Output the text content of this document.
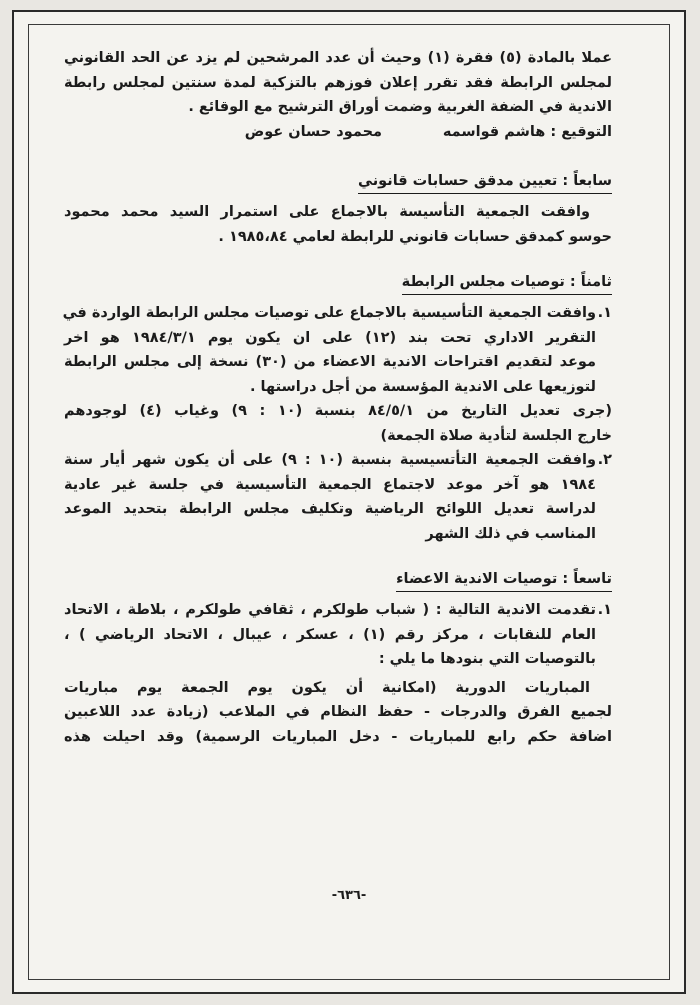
عملا بالمادة (٥) فقرة (١) وحيث أن عدد المرشحين لم يزد عن الحد القانوني
لمجلس الرابطة فقد تقرر إعلان فوزهم بالتزكية لمدة سنتين لمجلس رابطة
الاندية في الضفة الغربية وضمت أوراق الترشيح مع الوقائع .
التوقيع : هاشم قواسمه
محمود حسان عوض
سابعاً : تعيين مدقق حسابات قانوني
وافقت الجمعية التأسيسة بالاجماع على استمرار السيد محمد محمود
حوسو كمدقق حسابات قانوني للرابطة لعامي ١٩٨٥،٨٤ .
ثامناً : توصيات مجلس الرابطة
١.وافقت الجمعية التأسيسية بالاجماع على توصيات مجلس الرابطة الواردة في
التقرير الاداري تحت بند (١٢) على ان يكون يوم ١٩٨٤/٣/١ هو اخر
موعد لتقديم اقتراحات الاندية الاعضاء من (٣٠) نسخة إلى مجلس الرابطة
لتوزيعها على الاندية المؤسسة من أجل دراستها .
(جرى تعديل التاريخ من ٨٤/٥/١ بنسبة (١٠ : ٩) وغياب (٤) لوجودهم
خارج الجلسة لتأدية صلاة الجمعة)
٢.وافقت الجمعية التأتسيسية بنسبة (١٠ : ٩) على أن يكون شهر أيار سنة
١٩٨٤ هو آخر موعد لاجتماع الجمعية التأسيسية في جلسة غير عادية
لدراسة تعديل اللوائح الرياضية وتكليف مجلس الرابطة بتحديد الموعد
المناسب في ذلك الشهر
تاسعاً : توصيات الاندية الاعضاء
١.تقدمت الاندية التالية : ( شباب طولكرم ، ثقافي طولكرم ، بلاطة ، الاتحاد
العام للنقابات ، مركز رقم (١) ، عسكر ، عيبال ، الاتحاد الرياضي ) ،
بالتوصيات التي بنودها ما يلي :
المباريات الدورية (امكانية أن يكون يوم الجمعة يوم مباريات
لجميع الفرق والدرجات - حفظ النظام في الملاعب (زيادة عدد اللاعبين
اضافة حكم رابع للمباريات - دخل المباريات الرسمية) وقد احيلت هذه
-٦٣٦-
